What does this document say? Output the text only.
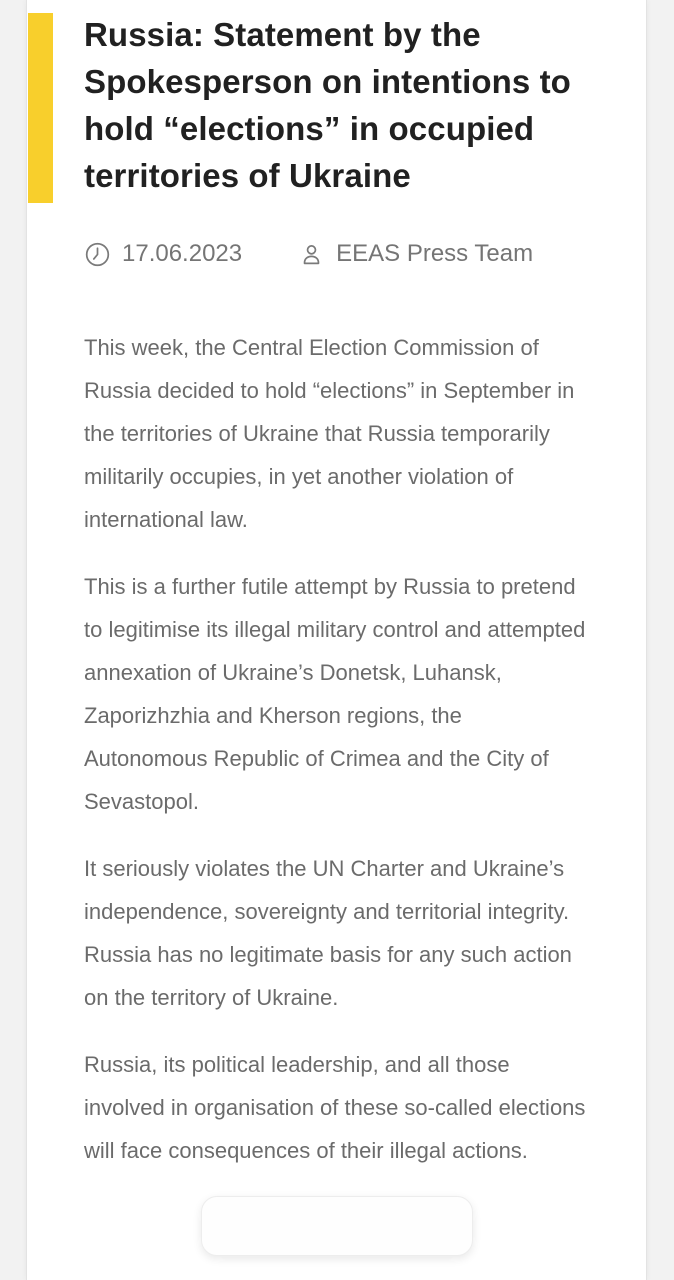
Russia: Statement by the Spokesperson on intentions to hold “elections” in occupied territories of Ukraine
17.06.2023	EEAS Press Team

This week, the Central Election Commission of Russia decided to hold “elections” in September in the territories of Ukraine that Russia temporarily militarily occupies, in yet another violation of international law.

This is a further futile attempt by Russia to pretend to legitimise its illegal military control and attempted annexation of Ukraine’s Donetsk, Luhansk, Zaporizhzhia and Kherson regions, the Autonomous Republic of Crimea and the City of Sevastopol.

It seriously violates the UN Charter and Ukraine’s independence, sovereignty and territorial integrity. Russia has no legitimate basis for any such action on the territory of Ukraine.

Russia, its political leadership, and all those involved in organisation of these so-called elections will face consequences of their illegal actions.
